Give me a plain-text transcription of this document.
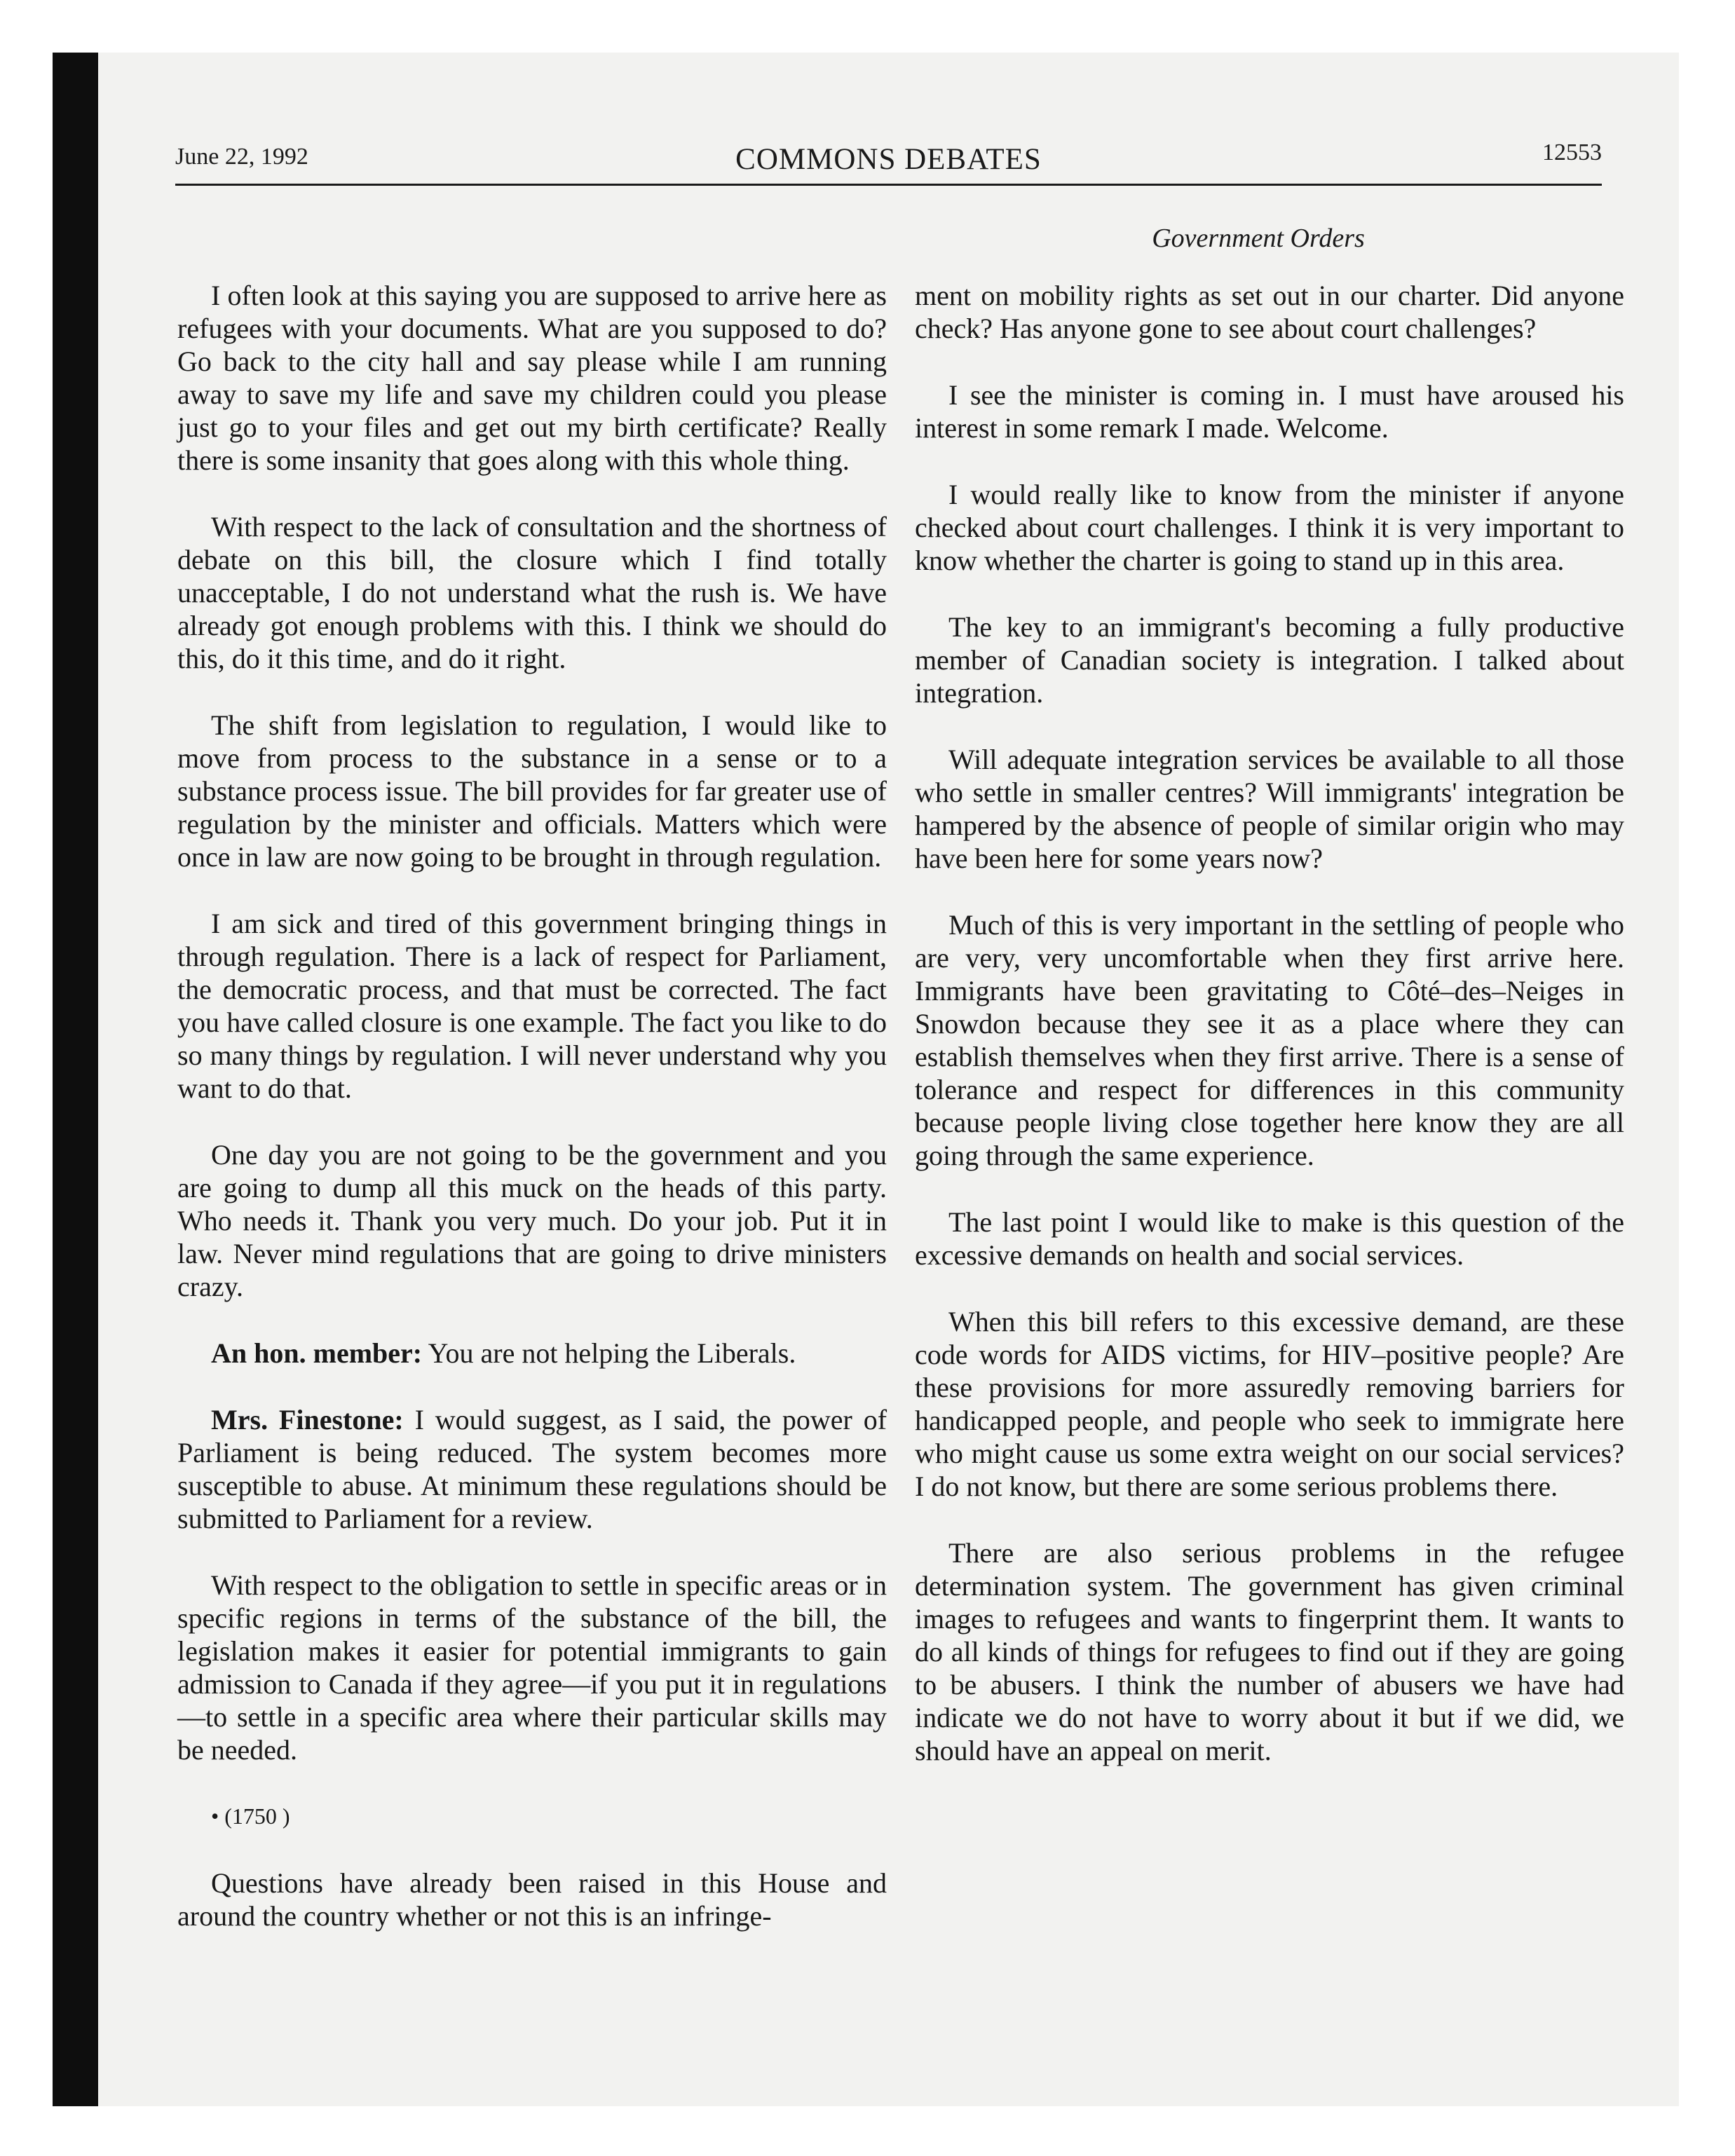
June 22, 1992	COMMONS DEBATES	12553
Government Orders

I often look at this saying you are supposed to arrive here as refugees with your documents. What are you supposed to do? Go back to the city hall and say please while I am running away to save my life and save my children could you please just go to your files and get out my birth certificate? Really there is some insanity that goes along with this whole thing.

With respect to the lack of consultation and the shortness of debate on this bill, the closure which I find totally unacceptable, I do not understand what the rush is. We have already got enough problems with this. I think we should do this, do it this time, and do it right.

The shift from legislation to regulation, I would like to move from process to the substance in a sense or to a substance process issue. The bill provides for far greater use of regulation by the minister and officials. Matters which were once in law are now going to be brought in through regulation.

I am sick and tired of this government bringing things in through regulation. There is a lack of respect for Parliament, the democratic process, and that must be corrected. The fact you have called closure is one example. The fact you like to do so many things by regulation. I will never understand why you want to do that.

One day you are not going to be the government and you are going to dump all this muck on the heads of this party. Who needs it. Thank you very much. Do your job. Put it in law. Never mind regulations that are going to drive ministers crazy.

An hon. member: You are not helping the Liberals.

Mrs. Finestone: I would suggest, as I said, the power of Parliament is being reduced. The system becomes more susceptible to abuse. At minimum these regulations should be submitted to Parliament for a review.

With respect to the obligation to settle in specific areas or in specific regions in terms of the substance of the bill, the legislation makes it easier for potential immigrants to gain admission to Canada if they agree—if you put it in regulations—to settle in a specific area where their particular skills may be needed.

• (1750 )

Questions have already been raised in this House and around the country whether or not this is an infringe-

ment on mobility rights as set out in our charter. Did anyone check? Has anyone gone to see about court challenges?

I see the minister is coming in. I must have aroused his interest in some remark I made. Welcome.

I would really like to know from the minister if anyone checked about court challenges. I think it is very important to know whether the charter is going to stand up in this area.

The key to an immigrant's becoming a fully productive member of Canadian society is integration. I talked about integration.

Will adequate integration services be available to all those who settle in smaller centres? Will immigrants' integration be hampered by the absence of people of similar origin who may have been here for some years now?

Much of this is very important in the settling of people who are very, very uncomfortable when they first arrive here. Immigrants have been gravitating to Côté–des–Neiges in Snowdon because they see it as a place where they can establish themselves when they first arrive. There is a sense of tolerance and respect for differences in this community because people living close together here know they are all going through the same experience.

The last point I would like to make is this question of the excessive demands on health and social services.

When this bill refers to this excessive demand, are these code words for AIDS victims, for HIV–positive people? Are these provisions for more assuredly removing barriers for handicapped people, and people who seek to immigrate here who might cause us some extra weight on our social services? I do not know, but there are some serious problems there.

There are also serious problems in the refugee determination system. The government has given criminal images to refugees and wants to fingerprint them. It wants to do all kinds of things for refugees to find out if they are going to be abusers. I think the number of abusers we have had indicate we do not have to worry about it but if we did, we should have an appeal on merit.
